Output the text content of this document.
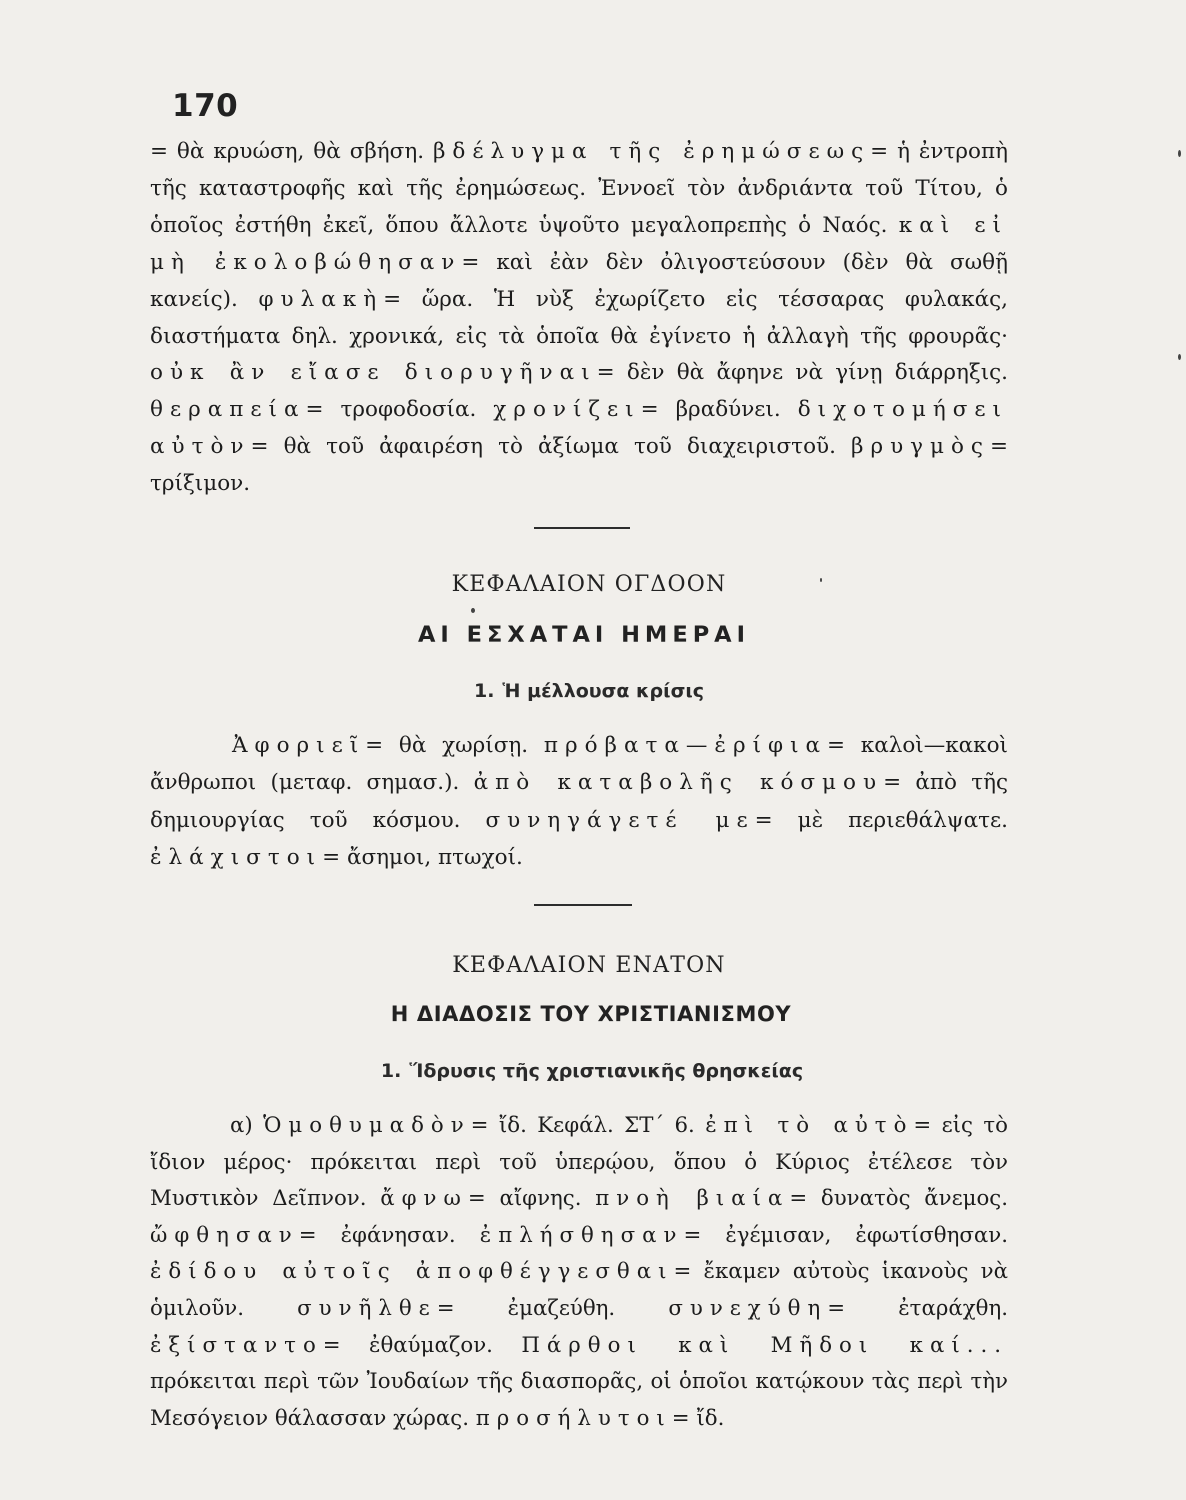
170
= θὰ κρυώση, θὰ σβήση. βδέλυγμα τῆς ἐρημώσεως= ἡ ἐντροπὴ τῆς καταστροφῆς καὶ τῆς ἐρημώσεως. Ἐννοεῖ τὸν ἀνδριάντα τοῦ Τίτου, ὁ ὁποῖος ἐστήθη ἐκεῖ, ὅπου ἄλλοτε ὑψοῦτο μεγαλοπρεπὴς ὁ Ναός. καὶ εἰ μὴ ἐκολοβώθησαν= καὶ ἐὰν δὲν ὀλιγοστεύσουν (δὲν θὰ σωθῇ κανείς). φυλακὴ= ὥρα. Ἡ νὺξ ἐχωρίζετο εἰς τέσσαρας φυλακάς, διαστήματα δηλ. χρονικά, εἰς τὰ ὁποῖα θὰ ἐγίνετο ἡ ἀλλαγὴ τῆς φρουρᾶς· οὐκ ἂν εἴασε διορυγῆναι= δὲν θὰ ἄφηνε νὰ γίνῃ διάρρηξις. θεραπεία= τροφοδοσία. χρονίζει= βραδύνει. διχοτομήσει αὐτὸν= θὰ τοῦ ἀφαιρέση τὸ ἀξίωμα τοῦ διαχειριστοῦ. βρυγμὸς= τρίξιμον.
ΚΕΦΑΛΑΙΟΝ ΟΓΔΟΟΝ
ΑΙ ΕΣΧΑΤΑΙ ΗΜΕΡΑΙ
1. Ἡ μέλλουσα κρίσις
Ἀφοριεῖ= θὰ χωρίσῃ. πρόβατα—ἐρίφια= καλοὶ—κακοὶ ἄνθρωποι (μεταφ. σημασ.). ἀπὸ καταβολῆς κόσμου= ἀπὸ τῆς δημιουργίας τοῦ κόσμου. συνηγάγετέ με= μὲ περιεθάλψατε. ἐλάχιστοι= ἄσημοι, πτωχοί.
ΚΕΦΑΛΑΙΟΝ ΕΝΑΤΟΝ
Η ΔΙΑΔΟΣΙΣ ΤΟΥ ΧΡΙΣΤΙΑΝΙΣΜΟΥ
1. Ἵδρυσις τῆς χριστιανικῆς θρησκείας
α) Ὁμοθυμαδὸν= ἴδ. Κεφάλ. ΣΤ΄ 6. ἐπὶ τὸ αὐτὸ= εἰς τὸ ἴδιον μέρος· πρόκειται περὶ τοῦ ὑπερῴου, ὅπου ὁ Κύριος ἐτέλεσε τὸν Μυστικὸν Δεῖπνον. ἄφνω= αἴφνης. πνοὴ βιαία= δυνατὸς ἄνεμος. ὤφθησαν= ἐφάνησαν. ἐπλήσθησαν= ἐγέμισαν, ἐφωτίσθησαν. ἐδίδου αὐτοῖς ἀποφθέγγεσθαι= ἔκαμεν αὐτοὺς ἱκανοὺς νὰ ὁμιλοῦν. συνῆλθε= ἐμαζεύθη. συνεχύθη= ἐταράχθη. ἐξίσταντο= ἐθαύμαζον. Πάρθοι καὶ Μῆδοι καί... πρόκειται περὶ τῶν Ἰουδαίων τῆς διασπορᾶς, οἱ ὁποῖοι κατῴκουν τὰς περὶ τὴν Μεσόγειον θάλασσαν χώρας. προσήλυτοι= ἴδ.
